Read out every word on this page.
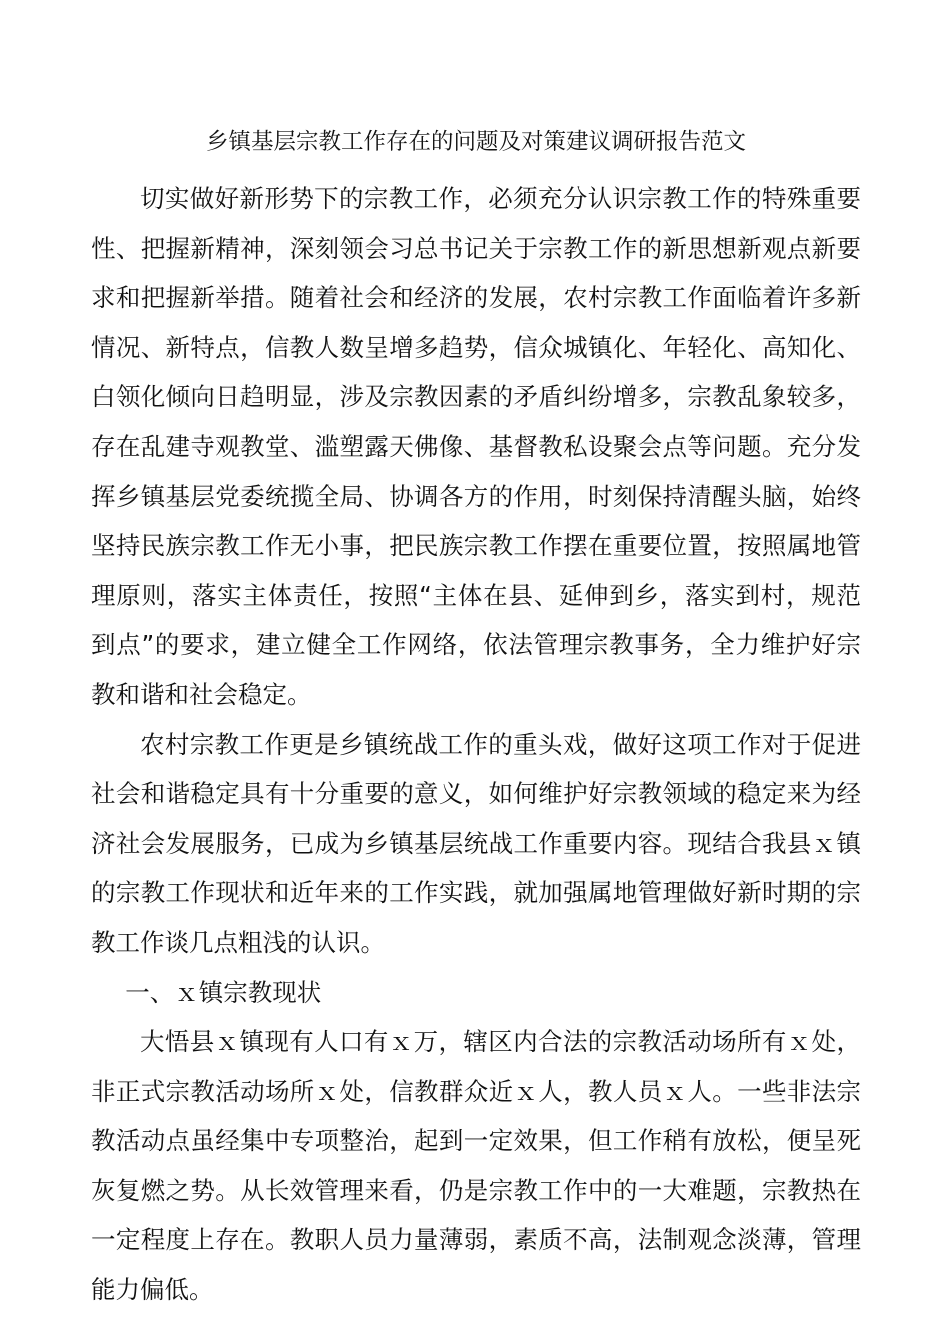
乡镇基层宗教工作存在的问题及对策建议调研报告范文

切实做好新形势下的宗教工作，必须充分认识宗教工作的特殊重要性、把握新精神，深刻领会习总书记关于宗教工作的新思想新观点新要求和把握新举措。随着社会和经济的发展，农村宗教工作面临着许多新情况、新特点，信教人数呈增多趋势，信众城镇化、年轻化、高知化、白领化倾向日趋明显，涉及宗教因素的矛盾纠纷增多，宗教乱象较多，存在乱建寺观教堂、滥塑露天佛像、基督教私设聚会点等问题。充分发挥乡镇基层党委统揽全局、协调各方的作用，时刻保持清醒头脑，始终坚持民族宗教工作无小事，把民族宗教工作摆在重要位置，按照属地管理原则，落实主体责任，按照“主体在县、延伸到乡，落实到村，规范到点”的要求，建立健全工作网络，依法管理宗教事务，全力维护好宗教和谐和社会稳定。

农村宗教工作更是乡镇统战工作的重头戏，做好这项工作对于促进社会和谐稳定具有十分重要的意义，如何维护好宗教领域的稳定来为经济社会发展服务，已成为乡镇基层统战工作重要内容。现结合我县ｘ镇的宗教工作现状和近年来的工作实践，就加强属地管理做好新时期的宗教工作谈几点粗浅的认识。

一、ｘ镇宗教现状

大悟县ｘ镇现有人口有ｘ万，辖区内合法的宗教活动场所有ｘ处，非正式宗教活动场所ｘ处，信教群众近ｘ人，教人员ｘ人。一些非法宗教活动点虽经集中专项整治，起到一定效果，但工作稍有放松，便呈死灰复燃之势。从长效管理来看，仍是宗教工作中的一大难题，宗教热在一定程度上存在。教职人员力量薄弱，素质不高，法制观念淡薄，管理能力偏低。
